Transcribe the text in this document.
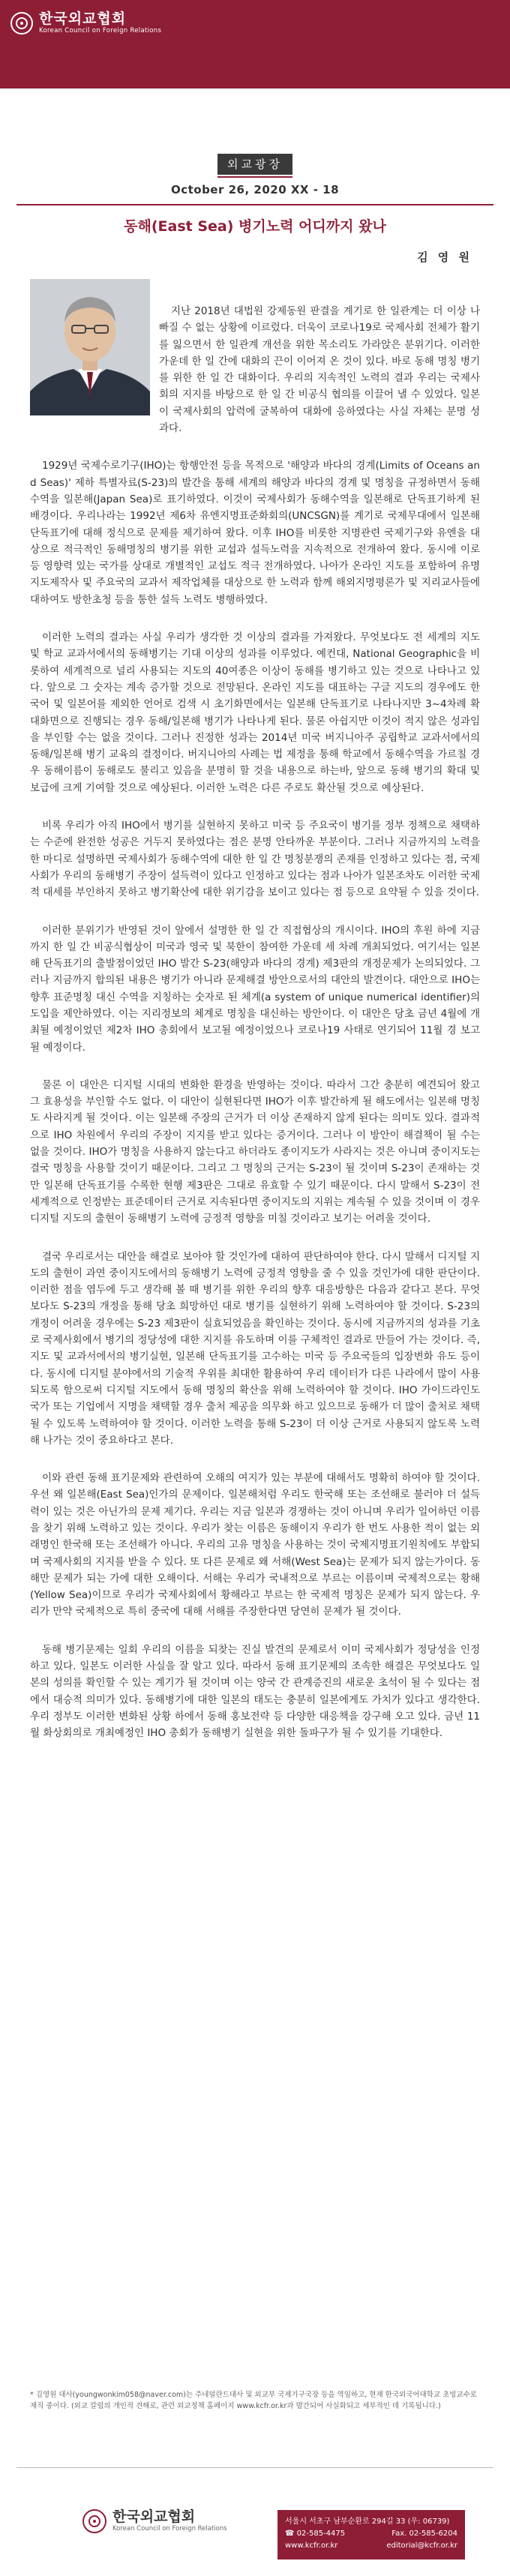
한국외교협회
Korean Council on Foreign Relations
외교광장
October 26, 2020 XX - 18
동해(East Sea) 병기노력 어디까지 왔나
김 영 원

지난 2018년 대법원 강제동원 판결을 계기로 한 일관계는 더 이상 나빠질 수 없는 상황에 이르렀다. 더욱이 코로나19로 국제사회 전체가 활기를 잃으면서 한 일관계 개선을 위한 목소리도 가라앉은 분위기다. 이러한 가운데 한 일 간에 대화의 끈이 이어져 온 것이 있다. 바로 동해 명칭 병기를 위한 한 일 간 대화이다. 우리의 지속적인 노력의 결과 우리는 국제사회의 지지를 바탕으로 한 일 간 비공식 협의를 이끌어 낼 수 있었다. 일본이 국제사회의 압력에 굴복하여 대화에 응하였다는 사실 자체는 분명 성과다.

1929년 국제수로기구(IHO)는 항행안전 등을 목적으로 '해양과 바다의 경계(Limits of Oceans and Seas)' 제하 특별자료(S-23)의 발간을 통해 세계의 해양과 바다의 경계 및 명칭을 규정하면서 동해수역을 일본해(Japan Sea)로 표기하였다. 이것이 국제사회가 동해수역을 일본해로 단독표기하게 된 배경이다. 우리나라는 1992년 제6차 유엔지명표준화회의(UNCSGN)를 계기로 국제무대에서 일본해 단독표기에 대해 정식으로 문제를 제기하여 왔다. 이후 IHO를 비롯한 지명관련 국제기구와 유엔을 대상으로 적극적인 동해명칭의 병기를 위한 교섭과 설득노력을 지속적으로 전개하여 왔다. 동시에 이로 등 영향력 있는 국가를 상대로 개별적인 교섭도 적극 전개하였다. 나아가 온라인 지도를 포함하여 유명 지도제작사 및 주요국의 교과서 제작업체를 대상으로 한 노력과 함께 해외지명평론가 및 지리교사들에 대하여도 방한초청 등을 통한 설득 노력도 병행하였다.

이러한 노력의 결과는 사실 우리가 생각한 것 이상의 결과를 가져왔다. 무엇보다도 전 세계의 지도 및 학교 교과서에서의 동해병기는 기대 이상의 성과를 이루었다. 예컨대, National Geographic을 비롯하여 세계적으로 널리 사용되는 지도의 40여종은 이상이 동해를 병기하고 있는 것으로 나타나고 있다. 앞으로 그 숫자는 계속 증가할 것으로 전망된다. 온라인 지도를 대표하는 구글 지도의 경우에도 한국어 및 일본어를 제외한 언어로 검색 시 초기화면에서는 일본해 단독표기로 나타나지만 3~4차례 확대화면으로 진행되는 경우 동해/일본해 병기가 나타나게 된다. 물론 아쉽지만 이것이 적지 않은 성과임을 부인할 수는 없을 것이다. 그러나 진정한 성과는 2014년 미국 버지니아주 공립학교 교과서에서의 동해/일본해 병기 교육의 결정이다. 버지니아의 사례는 법 제정을 통해 학교에서 동해수역을 가르칠 경우 동해이름이 동해로도 불리고 있음을 분명히 할 것을 내용으로 하는바, 앞으로 동해 병기의 확대 및 보급에 크게 기여할 것으로 예상된다. 이러한 노력은 다른 주로도 확산될 것으로 예상된다.

비록 우리가 아직 IHO에서 병기를 실현하지 못하고 미국 등 주요국이 병기를 정부 정책으로 채택하는 수준에 완전한 성공은 거두지 못하였다는 점은 분명 안타까운 부분이다. 그러나 지금까지의 노력을 한 마디로 설명하면 국제사회가 동해수역에 대한 한 일 간 명칭분쟁의 존재를 인정하고 있다는 점, 국제사회가 우리의 동해병기 주장이 설득력이 있다고 인정하고 있다는 점과 나아가 일본조차도 이러한 국제적 대세를 부인하지 못하고 병기확산에 대한 위기감을 보이고 있다는 점 등으로 요약될 수 있을 것이다.

이러한 분위기가 반영된 것이 앞에서 설명한 한 일 간 직접협상의 개시이다. IHO의 후원 하에 지금까지 한 일 간 비공식협상이 미국과 영국 및 북한이 참여한 가운데 세 차례 개최되었다. 여기서는 일본해 단독표기의 출발점이었던 IHO 발간 S-23(해양과 바다의 경계) 제3판의 개정문제가 논의되었다. 그러나 지금까지 합의된 내용은 병기가 아니라 문제해결 방안으로서의 대안의 발견이다. 대안으로 IHO는 향후 표준명칭 대신 수역을 지칭하는 숫자로 된 체계(a system of unique numerical identifier)의 도입을 제안하였다. 이는 지리정보의 체계로 명칭을 대신하는 방안이다. 이 대안은 당초 금년 4월에 개최될 예정이었던 제2차 IHO 총회에서 보고될 예정이었으나 코로나19 사태로 연기되어 11월 경 보고될 예정이다.

물론 이 대안은 디지털 시대의 변화한 환경을 반영하는 것이다. 따라서 그간 충분히 예견되어 왔고 그 효용성을 부인할 수도 없다. 이 대안이 실현된다면 IHO가 이후 발간하게 될 해도에서는 일본해 명칭도 사라지게 될 것이다. 이는 일본해 주장의 근거가 더 이상 존재하지 않게 된다는 의미도 있다. 결과적으로 IHO 차원에서 우리의 주장이 지지를 받고 있다는 증거이다. 그러나 이 방안이 해결책이 될 수는 없을 것이다. IHO가 명칭을 사용하지 않는다고 하더라도 종이지도가 사라지는 것은 아니며 중이지도는 결국 명칭을 사용할 것이기 때문이다. 그리고 그 명칭의 근거는 S-23이 될 것이며 S-23이 존재하는 것만 일본해 단독표기를 수록한 현행 제3판은 그대로 유효할 수 있기 때문이다. 다시 말해서 S-23이 전 세계적으로 인정받는 표준데이터 근거로 지속된다면 중이지도의 지위는 계속될 수 있을 것이며 이 경우 디지털 지도의 출현이 동해병기 노력에 긍정적 영향을 미칠 것이라고 보기는 어려울 것이다.

결국 우리로서는 대안을 해결로 보아야 할 것인가에 대하여 판단하여야 한다. 다시 말해서 디지털 지도의 출현이 과연 중이지도에서의 동해병기 노력에 긍정적 영향을 줄 수 있을 것인가에 대한 판단이다. 이러한 점을 염두에 두고 생각해 볼 때 병기를 위한 우리의 향후 대응방향은 다음과 같다고 본다. 무엇보다도 S-23의 개정을 통해 당초 희망하던 대로 병기를 실현하기 위해 노력하여야 할 것이다. S-23의 개정이 어려울 경우에는 S-23 제3판이 실효되었음을 확인하는 것이다. 동시에 지금까지의 성과를 기초로 국제사회에서 병기의 정당성에 대한 지지를 유도하며 이를 구체적인 결과로 만들어 가는 것이다. 즉, 지도 및 교과서에서의 병기실현, 일본해 단독표기를 고수하는 미국 등 주요국들의 입장변화 유도 등이다. 동시에 디지털 분야에서의 기술적 우위를 최대한 활용하여 우리 데이터가 다른 나라에서 많이 사용되도록 함으로써 디지털 지도에서 동해 명칭의 확산을 위해 노력하여야 할 것이다. IHO 가이드라인도 국가 또는 기업에서 지명을 채택할 경우 출처 제공을 의무화 하고 있으므로 동해가 더 많이 출처로 채택될 수 있도록 노력하여야 할 것이다. 이러한 노력을 통해 S-23이 더 이상 근거로 사용되지 않도록 노력해 나가는 것이 중요하다고 본다.

이와 관련 동해 표기문제와 관련하여 오해의 여지가 있는 부분에 대해서도 명확히 하여야 할 것이다. 우선 왜 일본해(East Sea)인가의 문제이다. 일본해처럼 우리도 한국해 또는 조선해로 불러야 더 설득력이 있는 것은 아닌가의 문제 제기다. 우리는 지금 일본과 경쟁하는 것이 아니며 우리가 일어하던 이름을 찾기 위해 노력하고 있는 것이다. 우리가 찾는 이름은 동해이지 우리가 한 번도 사용한 적이 없는 외래명인 한국해 또는 조선해가 아니다. 우리의 고유 명칭을 사용하는 것이 국제지명표기원칙에도 부합되며 국제사회의 지지를 받을 수 있다. 또 다른 문제로 왜 서해(West Sea)는 문제가 되지 않는가이다. 동해만 문제가 되는 가에 대한 오해이다. 서해는 우리가 국내적으로 부르는 이름이며 국제적으로는 황해(Yellow Sea)이므로 우리가 국제사회에서 황해라고 부르는 한 국제적 명칭은 문제가 되지 않는다. 우리가 만약 국제적으로 특히 중국에 대해 서해를 주장한다면 당연히 문제가 될 것이다.

동해 병기문제는 일회 우리의 이름을 되찾는 진실 발견의 문제로서 이미 국제사회가 정당성을 인정하고 있다. 일본도 이러한 사실을 잘 알고 있다. 따라서 동해 표기문제의 조속한 해결은 무엇보다도 일본의 성의를 확인할 수 있는 계기가 될 것이며 이는 양국 간 관계증진의 새로운 초석이 될 수 있다는 점에서 대승적 의미가 있다. 동해병기에 대한 일본의 태도는 충분히 일본에게도 가치가 있다고 생각한다. 우리 정부도 이러한 변화된 상황 하에서 동해 홍보전략 등 다양한 대응책을 강구해 오고 있다. 금년 11월 화상회의로 개최예정인 IHO 총회가 동해병기 실현을 위한 돌파구가 될 수 있기를 기대한다.

* 김영원 대사(youngwonkim058@naver.com)는 주네덜란드대사 및 외교부 국제기구국장 등을 역임하고, 현재 한국외국어대학교 초빙교수로 재직 중이다. (외교 칼럼의 개인적 견해로, 관련 외교정책 홈페이지 www.kcfr.or.kr과 발간되어 사실화되고 세부적인 데 기록됩니다.)
한국외교협회
Korean Council on Foreign Relations
서울시 서초구 남부순환로 294길 33 (우: 06739)
☎ 02-585-4475	Fax. 02-585-6204
www.kcfr.or.kr	editorial@kcfr.or.kr
